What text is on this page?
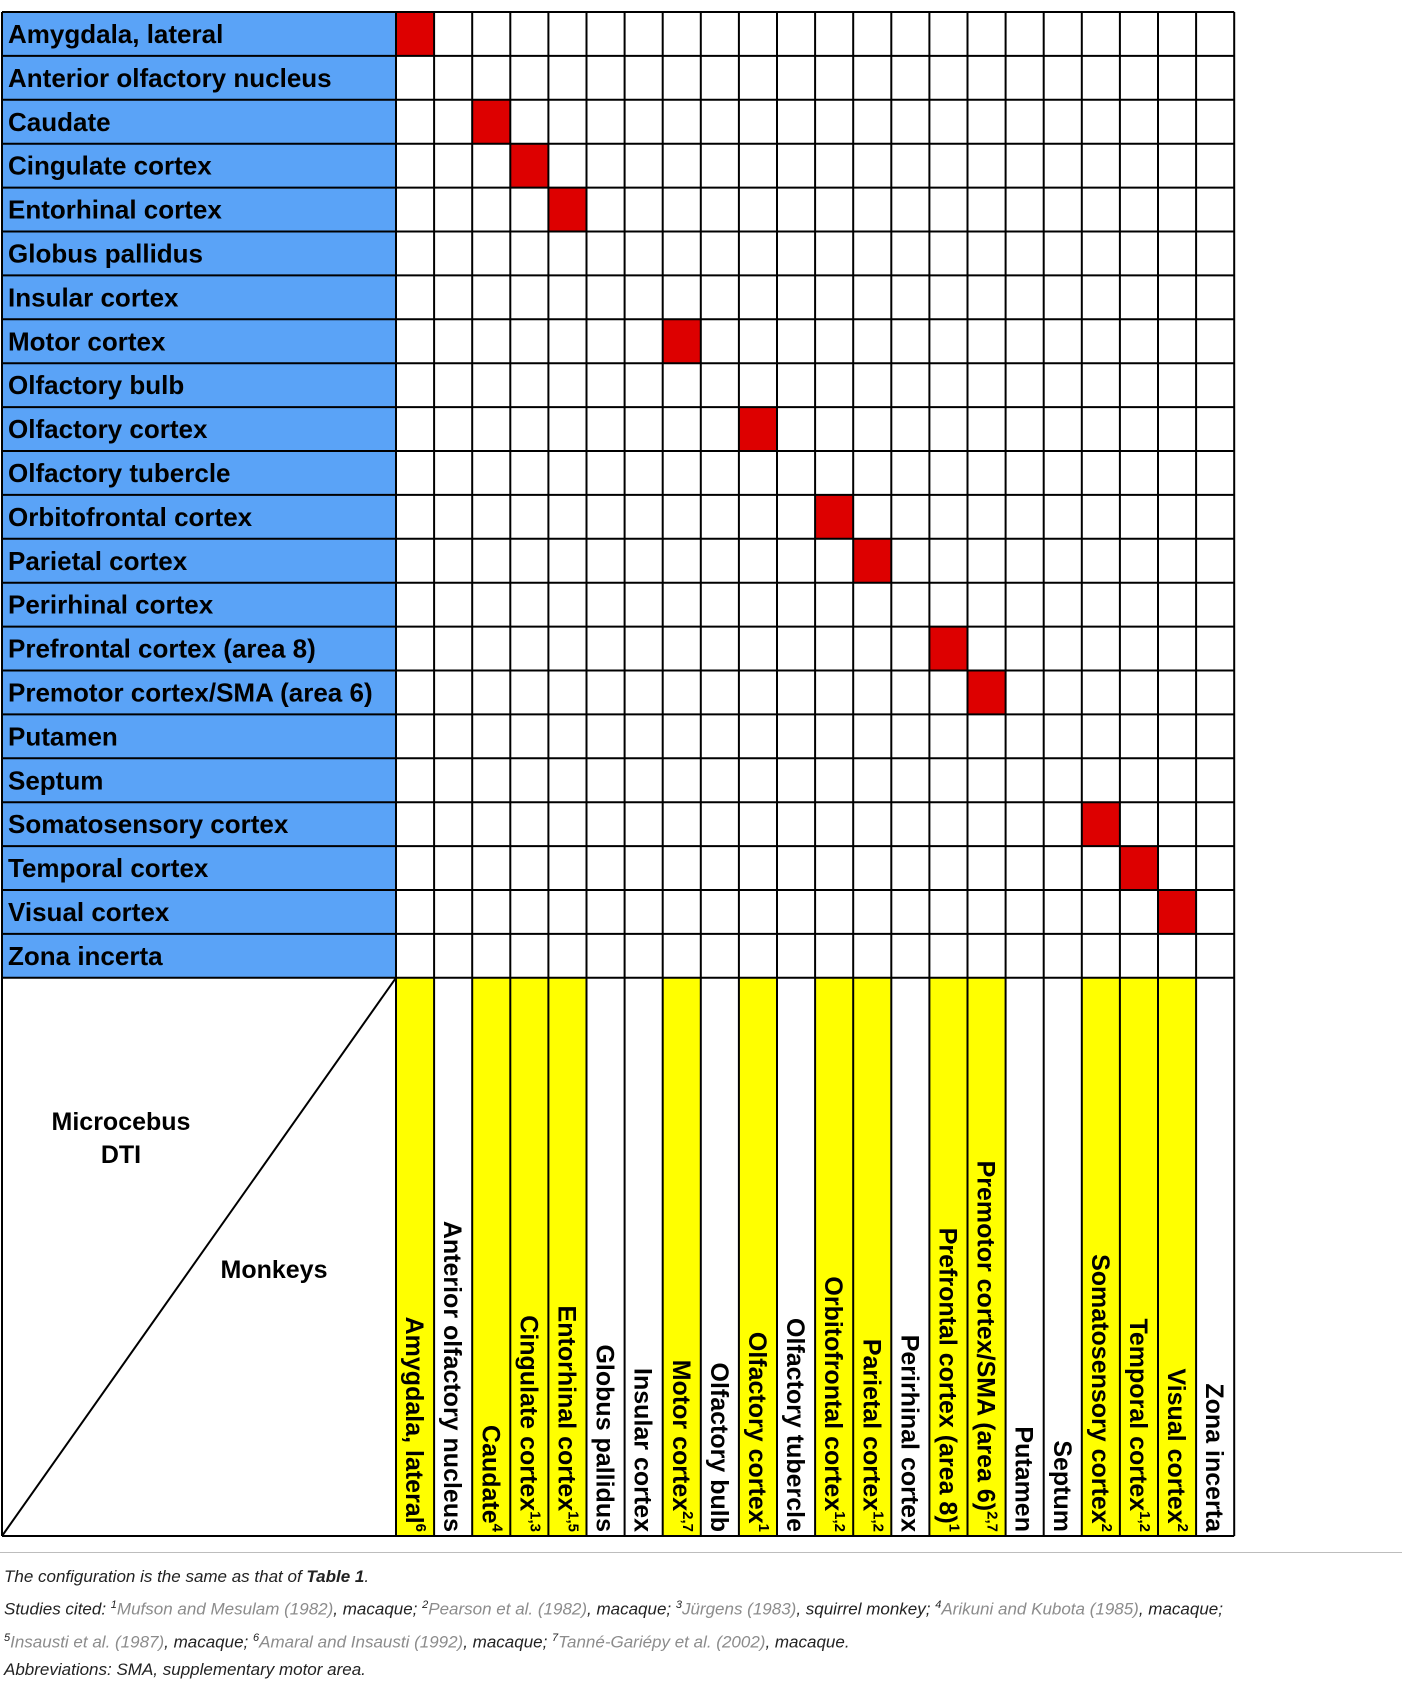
Amygdala, lateral
Anterior olfactory nucleus
Caudate
Cingulate cortex
Entorhinal cortex
Globus pallidus
Insular cortex
Motor cortex
Olfactory bulb
Olfactory cortex
Olfactory tubercle
Orbitofrontal cortex
Parietal cortex
Perirhinal cortex
Prefrontal cortex (area 8)
Premotor cortex/SMA (area 6)
Putamen
Septum
Somatosensory cortex
Temporal cortex
Visual cortex
Zona incerta
Amygdala, lateral$^6$ Anterior olfactory nucleus Caudate$^4$
Cingulate cortex$^{1,3}$
Entorhinal cortex$^{1,5}$ Globus pallidus Insular cortex Motor cortex$^{2,7}$ Olfactory bulb Olfactory cortex$^1$ Olfactory tubercle Orbitofrontal cortex$^{1,2}$
Parietal cortex$^{1,2}$ Perirhinal cortex Prefrontal cortex (area 8)$^1$
Premotor cortex/SMA (area 6)$^{2,7}$ Putamen Septum Somatosensory cortex$^2$
Temporal cortex$^{1,2}$ Visual cortex$^2$ Zona incerta
Microcebus
DTI
Monkeys
The configuration is the same as that of Table 1.
Studies cited: $^1$Mufson and Mesulam (1982), macaque; $^2$Pearson et al. (1982), macaque; $^3$Jürgens (1983), squirrel monkey; $^4$Arikuni and Kubota (1985), macaque;
$^5$Insausti et al. (1987), macaque; $^6$Amaral and Insausti (1992), macaque; $^7$Tanné-Gariépy et al. (2002), macaque.
Abbreviations: SMA, supplementary motor area.
